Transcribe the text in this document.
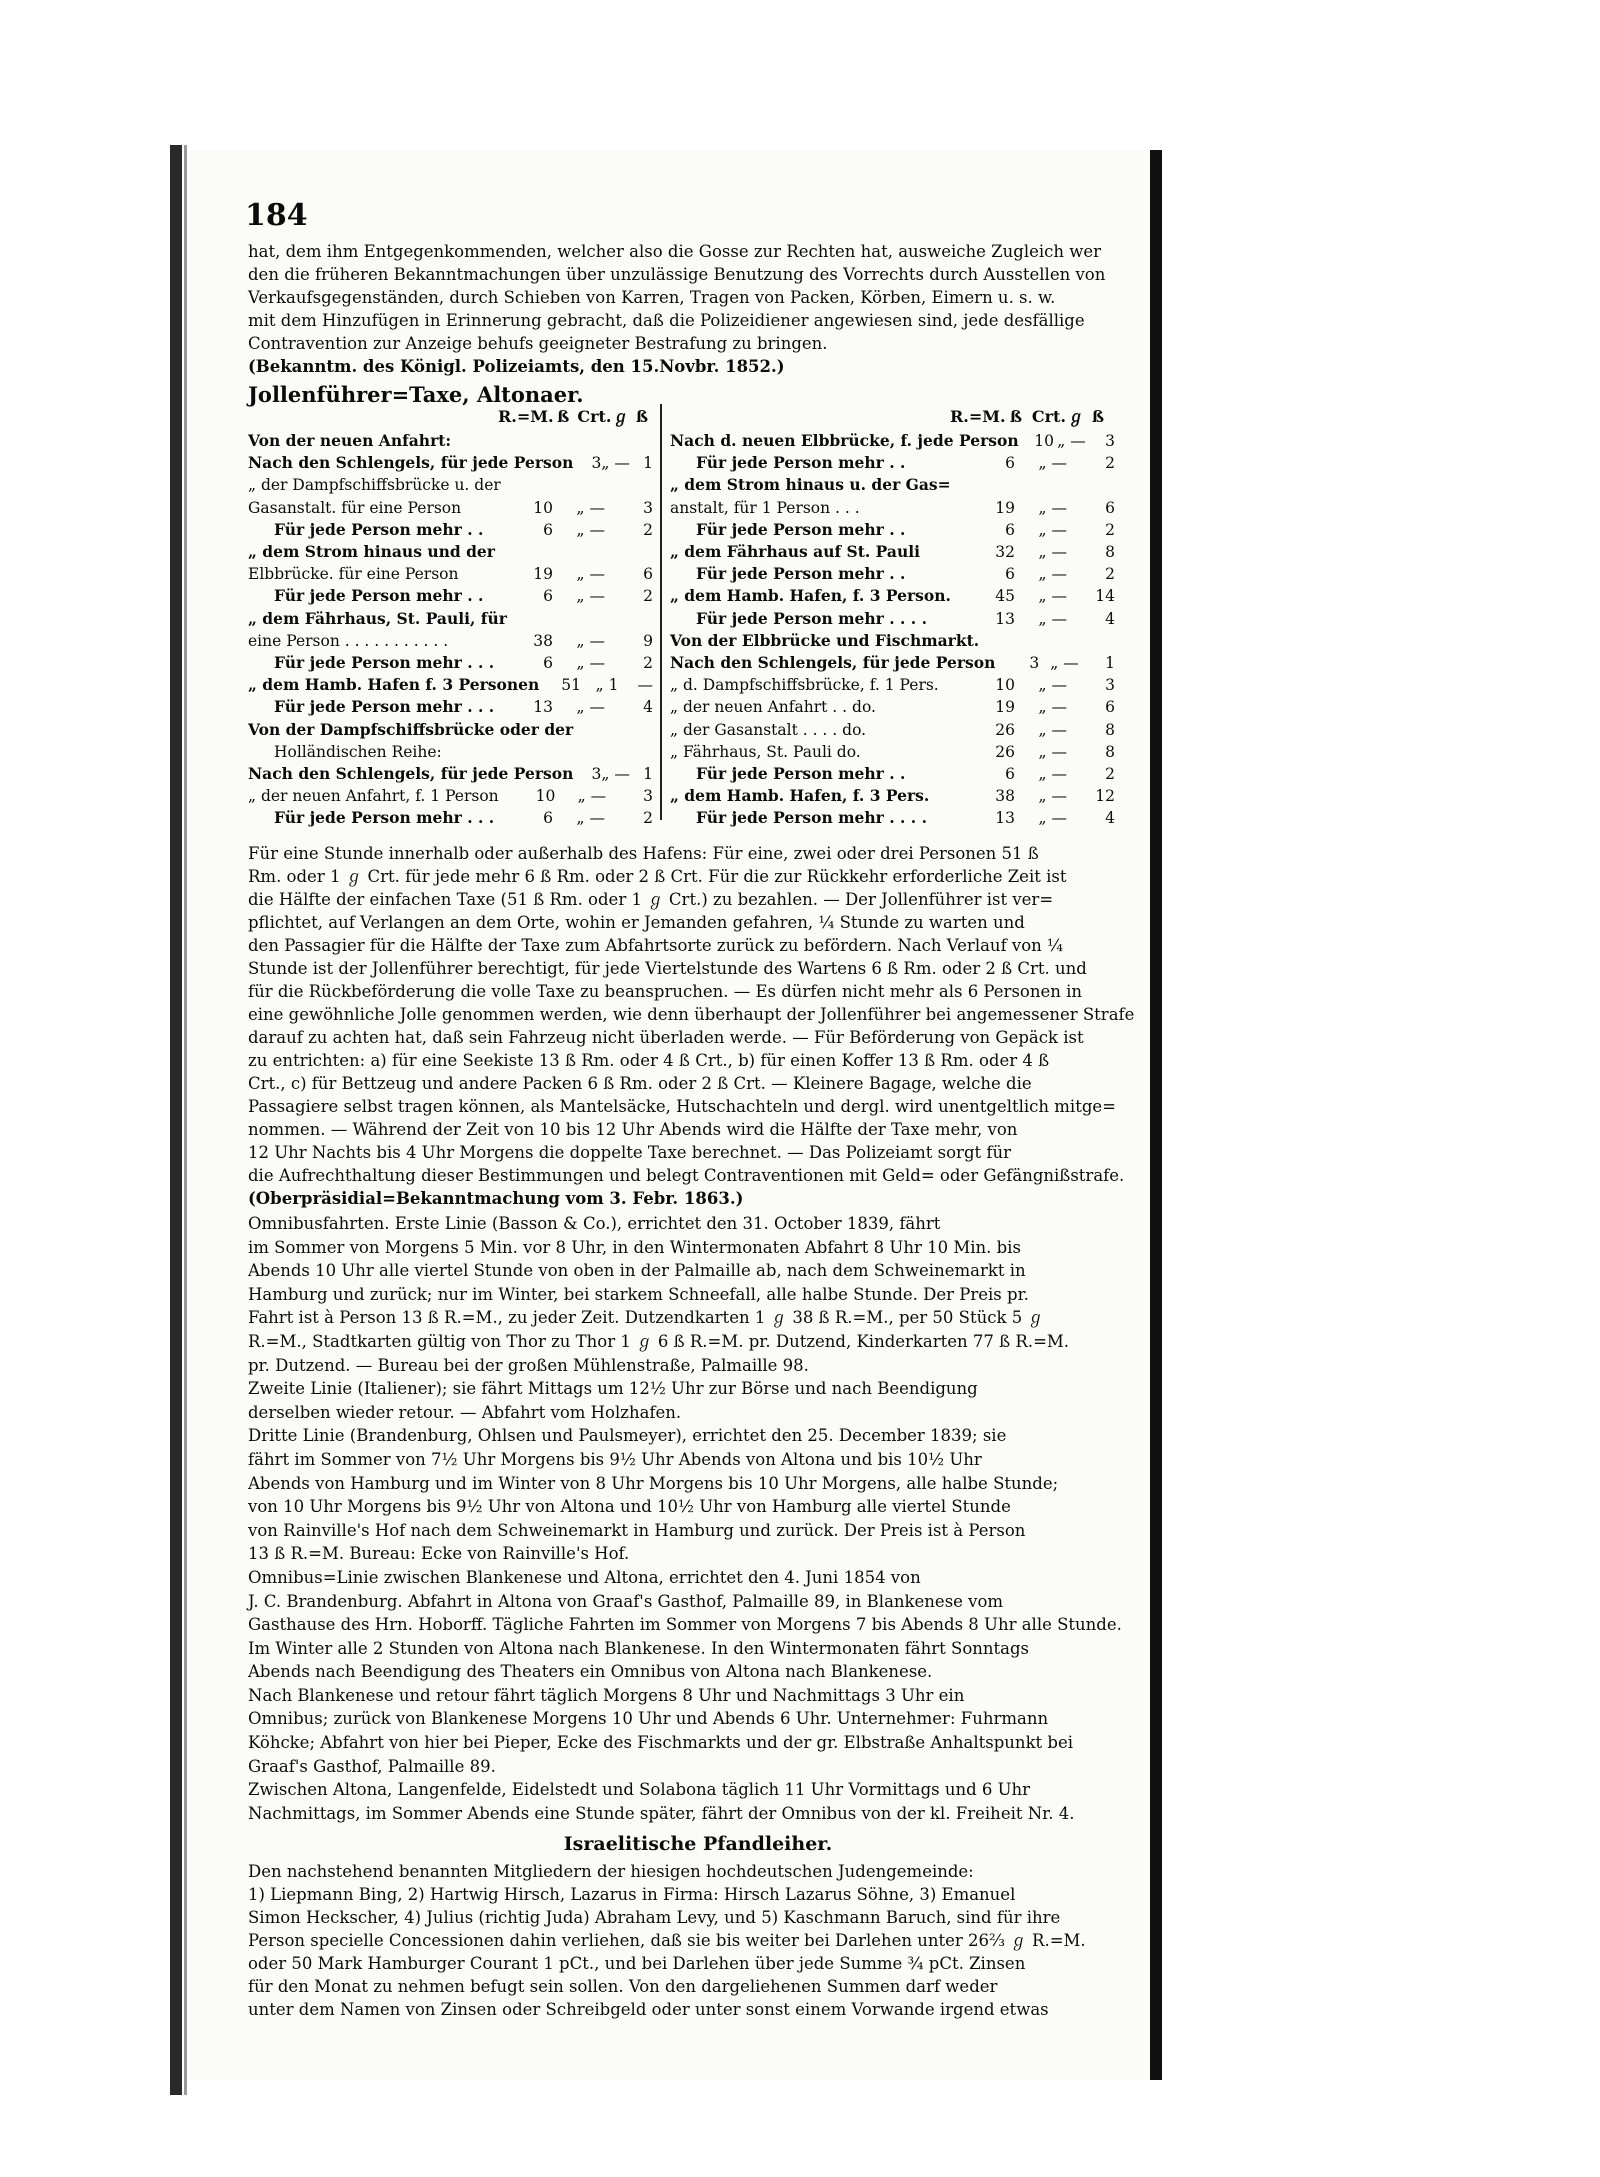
184

hat, dem ihm Entgegenkommenden, welcher also die Gosse zur Rechten hat, ausweiche Zugleich wer

den die früheren Bekanntmachungen über unzulässige Benutzung des Vorrechts durch Ausstellen von

Verkaufsgegenständen, durch Schieben von Karren, Tragen von Packen, Körben, Eimern u. s. w.

mit dem Hinzufügen in Erinnerung gebracht, daß die Polizeidiener angewiesen sind, jede desfällige

Contravention zur Anzeige behufs geeigneter Bestrafung zu bringen.

(Bekanntm. des Königl. Polizeiamts, den 15.Novbr. 1852.)

Jollenführer=Taxe, Altonaer.
R.=M. ß Crt. ℊ ß	R.=M. ß Crt. ℊ ß
Von der neuen Anfahrt:
Nach den Schlengels, für jede Person	3 „ — 1
„ der Dampfschiffsbrücke u. der
Gasanstalt. für eine Person	10	„ —	3
Für jede Person mehr . .	6	„ —	2
„ dem Strom hinaus und der
Elbbrücke. für eine Person	19	„ —	6
Für jede Person mehr . .	6	„ —	2
„ dem Fährhaus, St. Pauli, für
eine Person . . . . . . . . . . .	38	„ —	9
Für jede Person mehr . . .	6	„ —	2
„ dem Hamb. Hafen f. 3 Personen	51 „ 1	—
Für jede Person mehr . . .	13	„ —	4
Von der Dampfschiffsbrücke oder der
Holländischen Reihe:
Nach den Schlengels, für jede Person	3 „ — 1
„ der neuen Anfahrt, f. 1 Person	10	„ —	3
Für jede Person mehr . . .	6	„ —	2
Nach d. neuen Elbbrücke, f. jede Person	10 „ —	3
Für jede Person mehr . .	6	„ —	2
„ dem Strom hinaus u. der Gas=
anstalt, für 1 Person . . .	19	„ —	6
Für jede Person mehr . .	6	„ —	2
„ dem Fährhaus auf St. Pauli	32	„ —	8
Für jede Person mehr . .	6	„ —	2
„ dem Hamb. Hafen, f. 3 Person.	45	„ —	14
Für jede Person mehr . . . .	13	„ —	4
Von der Elbbrücke und Fischmarkt.
Nach den Schlengels, für jede Person	3 „ —	1
„ d. Dampfschiffsbrücke, f. 1 Pers.	10	„ —	3
„ der neuen Anfahrt . . do.	19	„ —	6
„ der Gasanstalt . . . . do.	26	„ —	8
„ Fährhaus, St. Pauli do.	26	„ —	8
Für jede Person mehr . .	6	„ —	2
„ dem Hamb. Hafen, f. 3 Pers.	38	„ —	12
Für jede Person mehr . . . .	13	„ —	4

Für eine Stunde innerhalb oder außerhalb des Hafens: Für eine, zwei oder drei Personen 51 ß

Rm. oder 1 ℊ Crt. für jede mehr 6 ß Rm. oder 2 ß Crt. Für die zur Rückkehr erforderliche Zeit ist

die Hälfte der einfachen Taxe (51 ß Rm. oder 1 ℊ Crt.) zu bezahlen. — Der Jollenführer ist ver=

pflichtet, auf Verlangen an dem Orte, wohin er Jemanden gefahren, ¼ Stunde zu warten und

den Passagier für die Hälfte der Taxe zum Abfahrtsorte zurück zu befördern. Nach Verlauf von ¼

Stunde ist der Jollenführer berechtigt, für jede Viertelstunde des Wartens 6 ß Rm. oder 2 ß Crt. und

für die Rückbeförderung die volle Taxe zu beanspruchen. — Es dürfen nicht mehr als 6 Personen in

eine gewöhnliche Jolle genommen werden, wie denn überhaupt der Jollenführer bei angemessener Strafe

darauf zu achten hat, daß sein Fahrzeug nicht überladen werde. — Für Beförderung von Gepäck ist

zu entrichten: a) für eine Seekiste 13 ß Rm. oder 4 ß Crt., b) für einen Koffer 13 ß Rm. oder 4 ß

Crt., c) für Bettzeug und andere Packen 6 ß Rm. oder 2 ß Crt. — Kleinere Bagage, welche die

Passagiere selbst tragen können, als Mantelsäcke, Hutschachteln und dergl. wird unentgeltlich mitge=

nommen. — Während der Zeit von 10 bis 12 Uhr Abends wird die Hälfte der Taxe mehr, von

12 Uhr Nachts bis 4 Uhr Morgens die doppelte Taxe berechnet. — Das Polizeiamt sorgt für

die Aufrechthaltung dieser Bestimmungen und belegt Contraventionen mit Geld= oder Gefängnißstrafe.

(Oberpräsidial=Bekanntmachung vom 3. Febr. 1863.)

Omnibusfahrten. Erste Linie (Basson & Co.), errichtet den 31. October 1839, fährt

im Sommer von Morgens 5 Min. vor 8 Uhr, in den Wintermonaten Abfahrt 8 Uhr 10 Min. bis

Abends 10 Uhr alle viertel Stunde von oben in der Palmaille ab, nach dem Schweinemarkt in

Hamburg und zurück; nur im Winter, bei starkem Schneefall, alle halbe Stunde. Der Preis pr.

Fahrt ist à Person 13 ß R.=M., zu jeder Zeit. Dutzendkarten 1 ℊ 38 ß R.=M., per 50 Stück 5 ℊ

R.=M., Stadtkarten gültig von Thor zu Thor 1 ℊ 6 ß R.=M. pr. Dutzend, Kinderkarten 77 ß R.=M.

pr. Dutzend. — Bureau bei der großen Mühlenstraße, Palmaille 98.

Zweite Linie (Italiener); sie fährt Mittags um 12½ Uhr zur Börse und nach Beendigung

derselben wieder retour. — Abfahrt vom Holzhafen.

Dritte Linie (Brandenburg, Ohlsen und Paulsmeyer), errichtet den 25. December 1839; sie

fährt im Sommer von 7½ Uhr Morgens bis 9½ Uhr Abends von Altona und bis 10½ Uhr

Abends von Hamburg und im Winter von 8 Uhr Morgens bis 10 Uhr Morgens, alle halbe Stunde;

von 10 Uhr Morgens bis 9½ Uhr von Altona und 10½ Uhr von Hamburg alle viertel Stunde

von Rainville's Hof nach dem Schweinemarkt in Hamburg und zurück. Der Preis ist à Person

13 ß R.=M. Bureau: Ecke von Rainville's Hof.

Omnibus=Linie zwischen Blankenese und Altona, errichtet den 4. Juni 1854 von

J. C. Brandenburg. Abfahrt in Altona von Graaf's Gasthof, Palmaille 89, in Blankenese vom

Gasthause des Hrn. Hoborff. Tägliche Fahrten im Sommer von Morgens 7 bis Abends 8 Uhr alle Stunde.

Im Winter alle 2 Stunden von Altona nach Blankenese. In den Wintermonaten fährt Sonntags

Abends nach Beendigung des Theaters ein Omnibus von Altona nach Blankenese.

Nach Blankenese und retour fährt täglich Morgens 8 Uhr und Nachmittags 3 Uhr ein

Omnibus; zurück von Blankenese Morgens 10 Uhr und Abends 6 Uhr. Unternehmer: Fuhrmann

Köhcke; Abfahrt von hier bei Pieper, Ecke des Fischmarkts und der gr. Elbstraße Anhaltspunkt bei

Graaf's Gasthof, Palmaille 89.

Zwischen Altona, Langenfelde, Eidelstedt und Solabona täglich 11 Uhr Vormittags und 6 Uhr

Nachmittags, im Sommer Abends eine Stunde später, fährt der Omnibus von der kl. Freiheit Nr. 4.

Israelitische Pfandleiher.

Den nachstehend benannten Mitgliedern der hiesigen hochdeutschen Judengemeinde:

1) Liepmann Bing, 2) Hartwig Hirsch, Lazarus in Firma: Hirsch Lazarus Söhne, 3) Emanuel

Simon Heckscher, 4) Julius (richtig Juda) Abraham Levy, und 5) Kaschmann Baruch, sind für ihre

Person specielle Concessionen dahin verliehen, daß sie bis weiter bei Darlehen unter 26⅔ ℊ R.=M.

oder 50 Mark Hamburger Courant 1 pCt., und bei Darlehen über jede Summe ¾ pCt. Zinsen

für den Monat zu nehmen befugt sein sollen. Von den dargeliehenen Summen darf weder

unter dem Namen von Zinsen oder Schreibgeld oder unter sonst einem Vorwande irgend etwas
